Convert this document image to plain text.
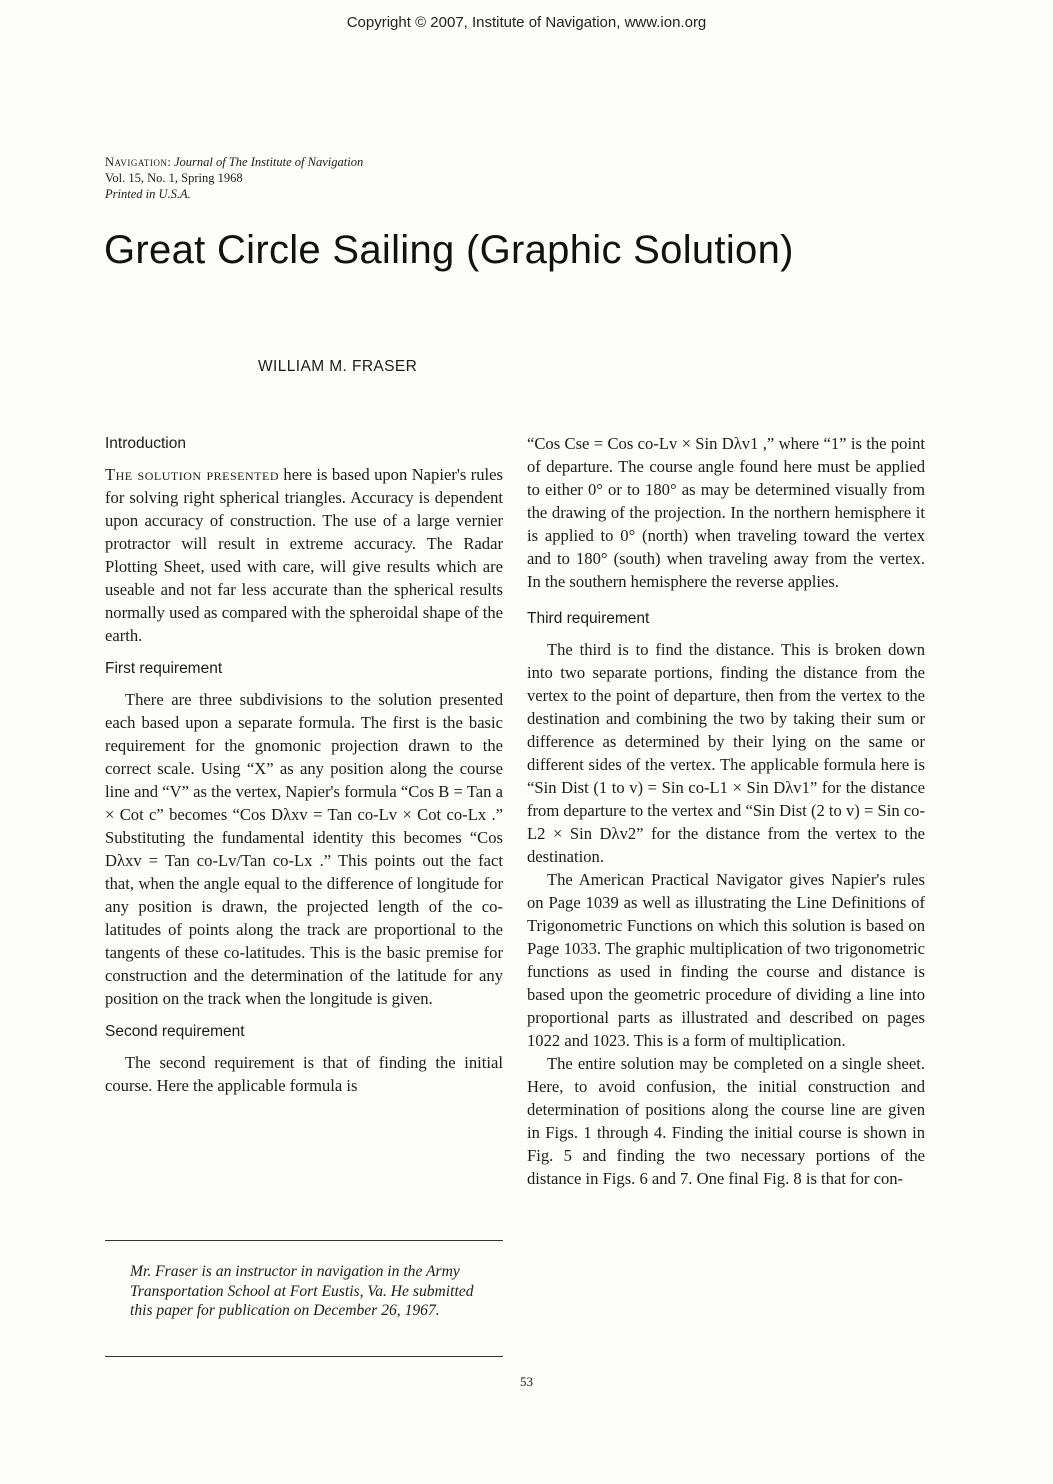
Copyright © 2007, Institute of Navigation, www.ion.org
Navigation: Journal of The Institute of Navigation
Vol. 15, No. 1, Spring 1968
Printed in U.S.A.
Great Circle Sailing (Graphic Solution)
WILLIAM M. FRASER
Introduction

The solution presented here is based upon Napier's rules for solving right spherical triangles. Accuracy is dependent upon accuracy of construction. The use of a large vernier protractor will result in extreme accuracy. The Radar Plotting Sheet, used with care, will give results which are useable and not far less accurate than the spherical results normally used as compared with the spheroidal shape of the earth.

First requirement

There are three subdivisions to the solution presented each based upon a separate formula. The first is the basic requirement for the gnomonic projection drawn to the correct scale. Using “X” as any position along the course line and “V” as the vertex, Napier's formula “Cos B = Tan a × Cot c” becomes “Cos Dλxv = Tan co-Lv × Cot co-Lx .” Substituting the fundamental identity this becomes “Cos Dλxv = Tan co-Lv/Tan co-Lx .” This points out the fact that, when the angle equal to the difference of longitude for any position is drawn, the projected length of the co-latitudes of points along the track are proportional to the tangents of these co-latitudes. This is the basic premise for construction and the determination of the latitude for any position on the track when the longitude is given.

Second requirement

The second requirement is that of finding the initial course. Here the applicable formula is

Mr. Fraser is an instructor in navigation in the Army Transportation School at Fort Eustis, Va. He submitted this paper for publication on December 26, 1967.

“Cos Cse = Cos co-Lv × Sin Dλv1 ,” where “1” is the point of departure. The course angle found here must be applied to either 0° or to 180° as may be determined visually from the drawing of the projection. In the northern hemisphere it is applied to 0° (north) when traveling toward the vertex and to 180° (south) when traveling away from the vertex. In the southern hemisphere the reverse applies.

Third requirement

The third is to find the distance. This is broken down into two separate portions, finding the distance from the vertex to the point of departure, then from the vertex to the destination and combining the two by taking their sum or difference as determined by their lying on the same or different sides of the vertex. The applicable formula here is “Sin Dist (1 to v) = Sin co-L1 × Sin Dλv1” for the distance from departure to the vertex and “Sin Dist (2 to v) = Sin co-L2 × Sin Dλv2” for the distance from the vertex to the destination.

The American Practical Navigator gives Napier's rules on Page 1039 as well as illustrating the Line Definitions of Trigonometric Functions on which this solution is based on Page 1033. The graphic multiplication of two trigonometric functions as used in finding the course and distance is based upon the geometric procedure of dividing a line into proportional parts as illustrated and described on pages 1022 and 1023. This is a form of multiplication.

The entire solution may be completed on a single sheet. Here, to avoid confusion, the initial construction and determination of positions along the course line are given in Figs. 1 through 4. Finding the initial course is shown in Fig. 5 and finding the two necessary portions of the distance in Figs. 6 and 7. One final Fig. 8 is that for con-

53
